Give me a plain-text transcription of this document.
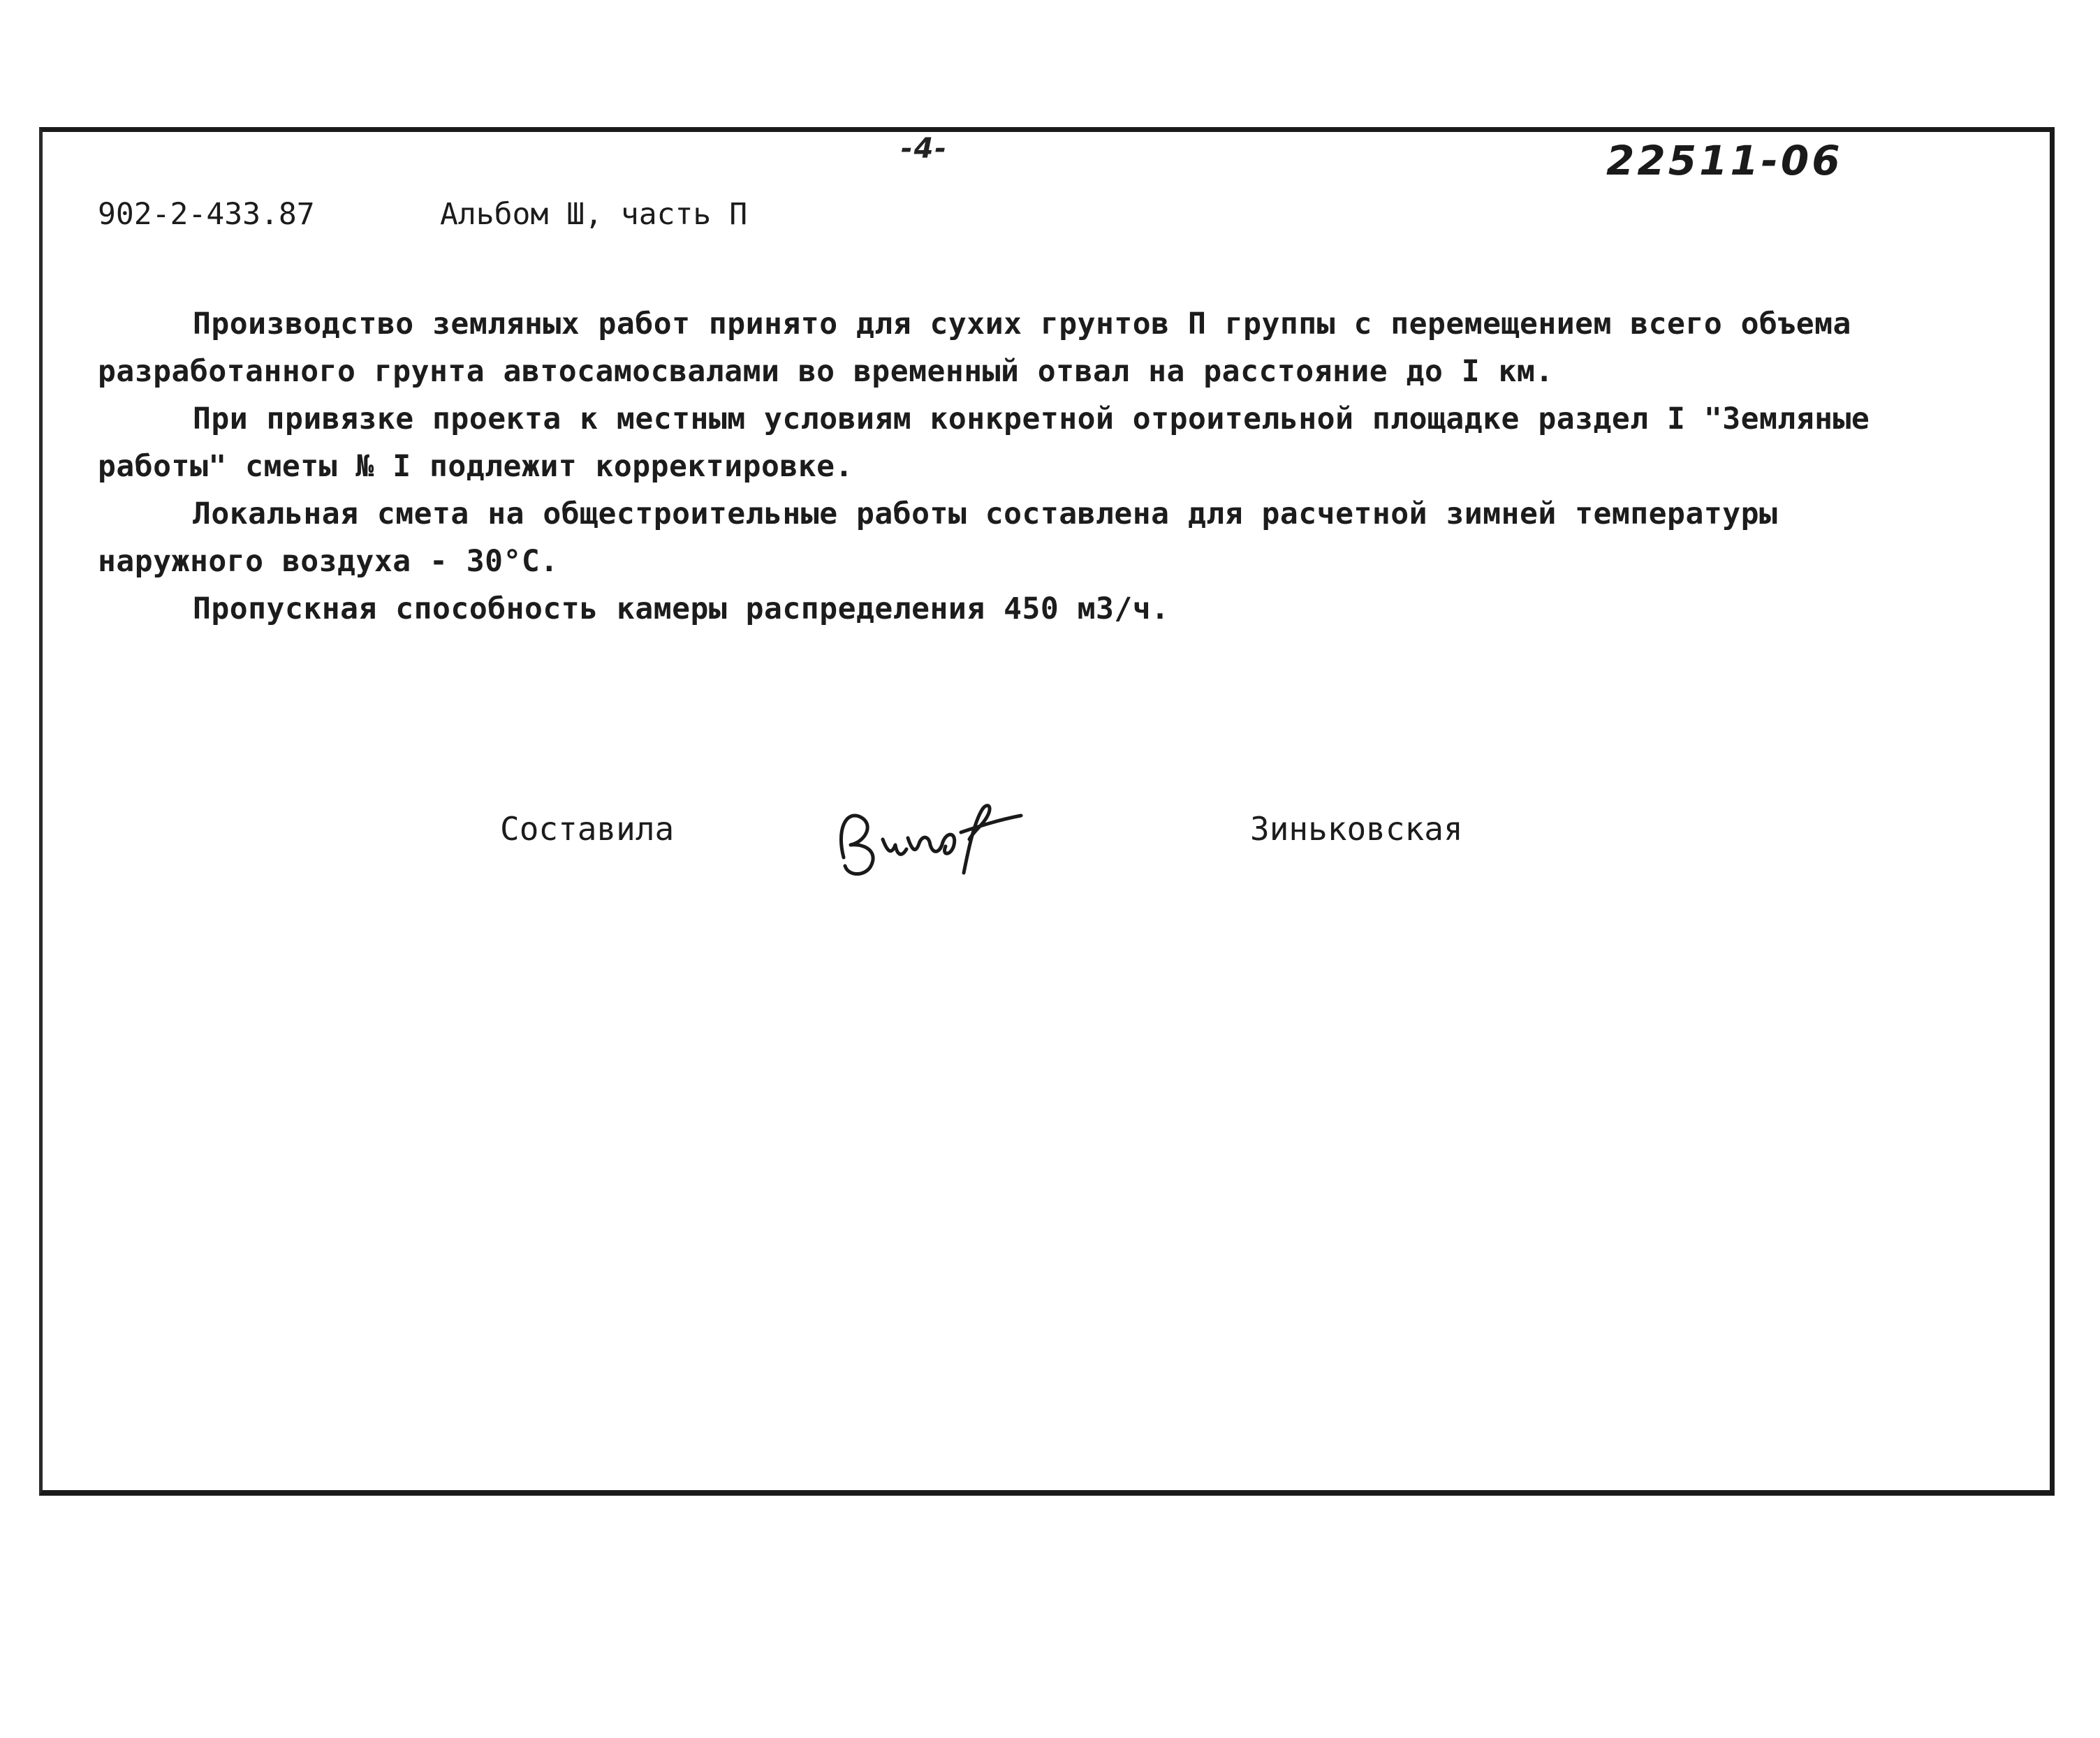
-4-	22511-06
902-2-433.87	Альбом Ш, часть П

Производство земляных работ принято для сухих грунтов П группы с перемещением всего объема разработанного грунта автосамосвалами во временный отвал на расстояние до I км.

При привязке проекта к местным условиям конкретной отроительной площадке раздел I "Земляные работы" сметы № I подлежит корректировке.

Локальная смета на общестроительные работы составлена для расчетной зимней температуры наружного воздуха - 30°С.

Пропускная способность камеры распределения 450 м3/ч.

Составила	Зиньковская
